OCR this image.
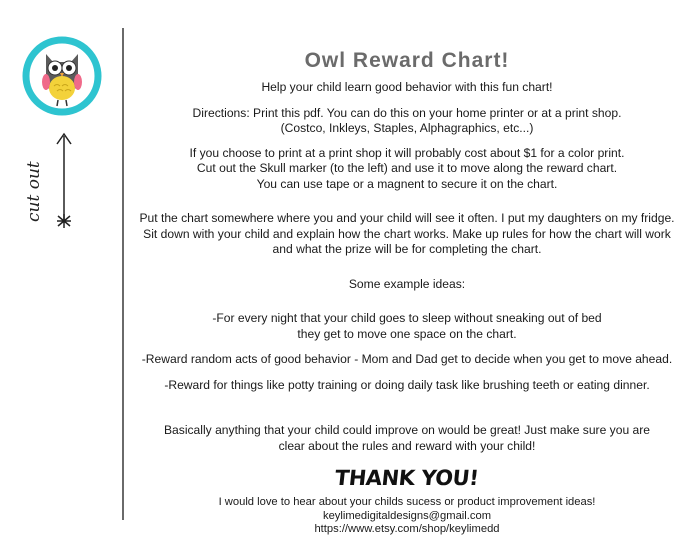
cut out
Owl Reward Chart!

Help your child learn good behavior with this fun chart!

Directions: Print this pdf. You can do this on your home printer or at a print shop.

(Costco, Inkleys, Staples, Alphagraphics, etc...)

If you choose to print at a print shop it will probably cost about $1 for a color print.

Cut out the Skull marker (to the left) and use it to move along the reward chart.

You can use tape or a magnent to secure it on the chart.

Put the chart somewhere where you and your child will see it often. I put my daughters on my fridge.

Sit down with your child and explain how the chart works. Make up rules for how the chart will work

and what the prize will be for completing the chart.

Some example ideas:

-For every night that your child goes to sleep without sneaking out of bed

they get to move one space on the chart.

-Reward random acts of good behavior - Mom and Dad get to decide when you get to move ahead.

-Reward for things like potty training or doing daily task like brushing teeth or eating dinner.

Basically anything that your child could improve on would be great! Just make sure you are

clear about the rules and reward with your child!

THANK YOU!

I would love to hear about your childs sucess or product improvement ideas!

keylimedigitaldesigns@gmail.com

https://www.etsy.com/shop/keylimedd
